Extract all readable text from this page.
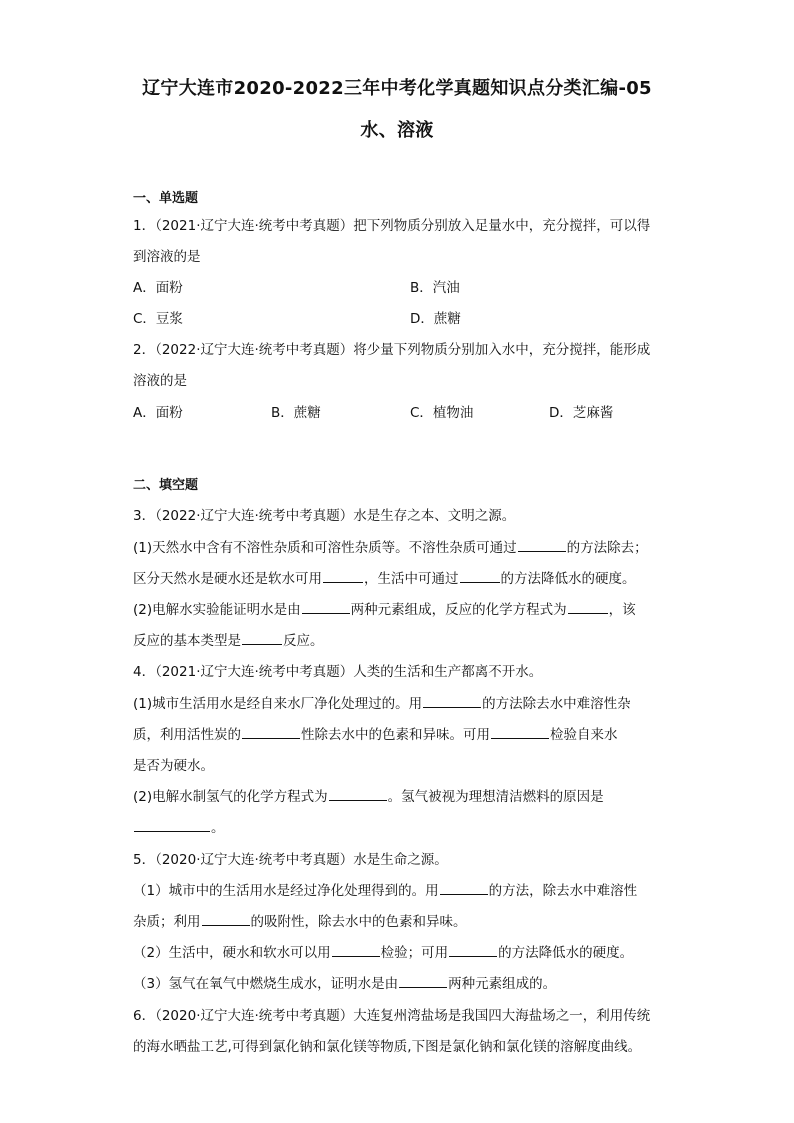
辽宁大连市2020-2022三年中考化学真题知识点分类汇编-05
水、溶液
一、单选题
1．（2021·辽宁大连·统考中考真题）把下列物质分别放入足量水中，充分搅拌，可以得
到溶液的是
A．面粉	B．汽油
C．豆浆	D．蔗糖
2．（2022·辽宁大连·统考中考真题）将少量下列物质分别加入水中，充分搅拌，能形成
溶液的是
A．面粉	B．蔗糖	C．植物油	D．芝麻酱
二、填空题
3．（2022·辽宁大连·统考中考真题）水是生存之本、文明之源。
(1)天然水中含有不溶性杂质和可溶性杂质等。不溶性杂质可通过	的方法除去；
区分天然水是硬水还是软水可用	，生活中可通过	的方法降低水的硬度。
(2)电解水实验能证明水是由	两种元素组成，反应的化学方程式为	，该
反应的基本类型是	反应。
4．（2021·辽宁大连·统考中考真题）人类的生活和生产都离不开水。
(1)城市生活用水是经自来水厂净化处理过的。用	的方法除去水中难溶性杂
质，利用活性炭的	性除去水中的色素和异味。可用	检验自来水
是否为硬水。
(2)电解水制氢气的化学方程式为	。氢气被视为理想清洁燃料的原因是
。
5．（2020·辽宁大连·统考中考真题）水是生命之源。
（1）城市中的生活用水是经过净化处理得到的。用	的方法，除去水中难溶性
杂质；利用	的吸附性，除去水中的色素和异味。
（2）生活中，硬水和软水可以用	检验；可用	的方法降低水的硬度。
（3）氢气在氧气中燃烧生成水，证明水是由	两种元素组成的。
6．（2020·辽宁大连·统考中考真题）大连复州湾盐场是我国四大海盐场之一，利用传统
的海水晒盐工艺,可得到氯化钠和氯化镁等物质,下图是氯化钠和氯化镁的溶解度曲线。
